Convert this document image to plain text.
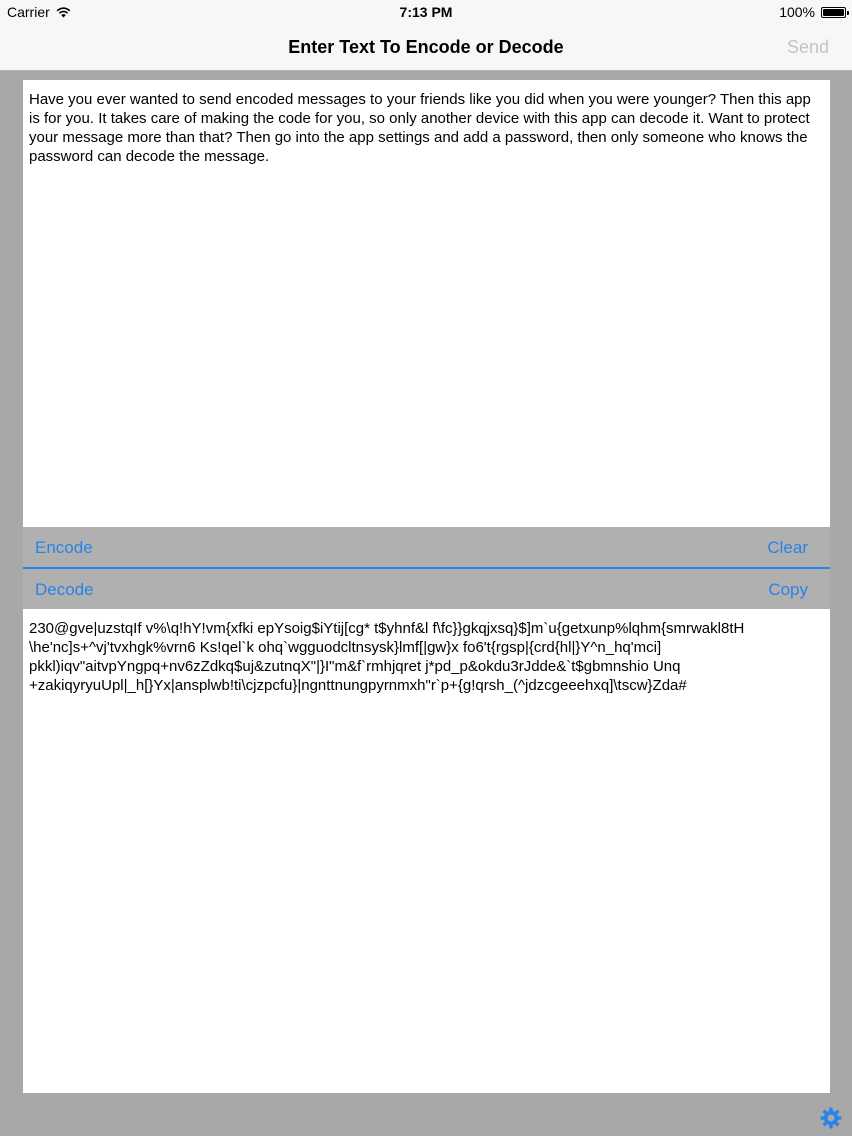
Carrier	7:13 PM	100%
Enter Text To Encode or Decode	Send
Have you ever wanted to send encoded messages to your friends like you did when you were younger? Then this app is for you. It takes care of making the code for you, so only another device with this app can decode it. Want to protect your message more than that? Then go into the app settings and add a password, then only someone who knows the password can decode the message.
Encode	Clear
Decode	Copy
230@gve|uzstqIf v%\q!hY!vm{xfki epYsoig$iYtij[cg* t$yhnf&l f\fc}}gkqjxsq}$]m`u{getxunp%lqhm{smrwakl8tH
\he'nc]s+^vj'tvxhgk%vrn6 Ks!qel`k ohq`wgguodcltnsysk}lmf[|gw}x fo6't{rgsp|{crd{hl|}Y^n_hq'mci]
pkkl)iqv"aitvpYngpq+nv6zZdkq$uj&zutnqX"|}I"m&f`rmhjqret j*pd_p&okdu3rJdde&`t$gbmnshio Unq
+zakiqyryuUpl|_h[}Yx|ansplwb!ti\cjzpcfu}|ngnttnungpyrnmxh"r`p+{g!qrsh_(^jdzcgeeehxq]\tscw}Zda#
